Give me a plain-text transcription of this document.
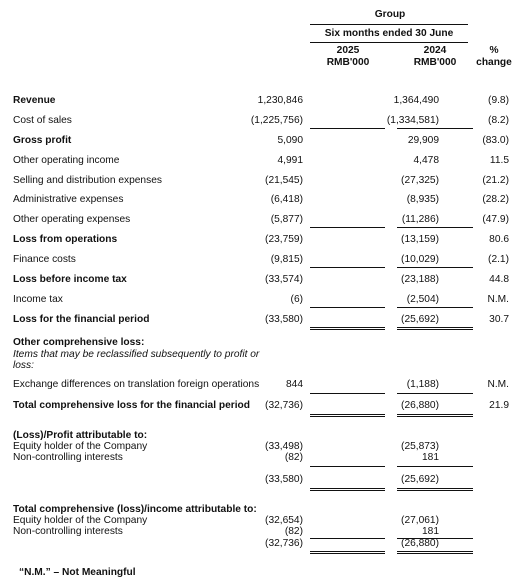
Group
Six months ended 30 June
2025
RMB'000
2024
RMB'000
%
change
Revenue	1,230,846	1,364,490	(9.8)
Cost of sales	(1,225,756)	(1,334,581)	(8.2)
Gross profit	5,090	29,909	(83.0)
Other operating income	4,991	4,478	11.5
Selling and distribution expenses	(21,545)	(27,325)	(21.2)
Administrative expenses	(6,418)	(8,935)	(28.2)
Other operating expenses	(5,877)	(11,286)	(47.9)
Loss from operations	(23,759)	(13,159)	80.6
Finance costs	(9,815)	(10,029)	(2.1)
Loss before income tax	(33,574)	(23,188)	44.8
Income tax	(6)	(2,504)	N.M.
Loss for the financial period	(33,580)	(25,692)	30.7
Other comprehensive loss:
Items that may be reclassified subsequently to profit or
loss:
Exchange differences on translation foreign operations	844	(1,188)	N.M.
Total comprehensive loss for the financial period (32,736)	(26,880)	21.9
(Loss)/Profit attributable to:
Equity holder of the Company	(33,498)	(25,873)
Non-controlling interests	(82)	181
(33,580)	(25,692)
Total comprehensive (loss)/income attributable to:
Equity holder of the Company	(32,654)	(27,061)
Non-controlling interests	(82)	181
(32,736)	(26,880)
“N.M.” – Not Meaningful
